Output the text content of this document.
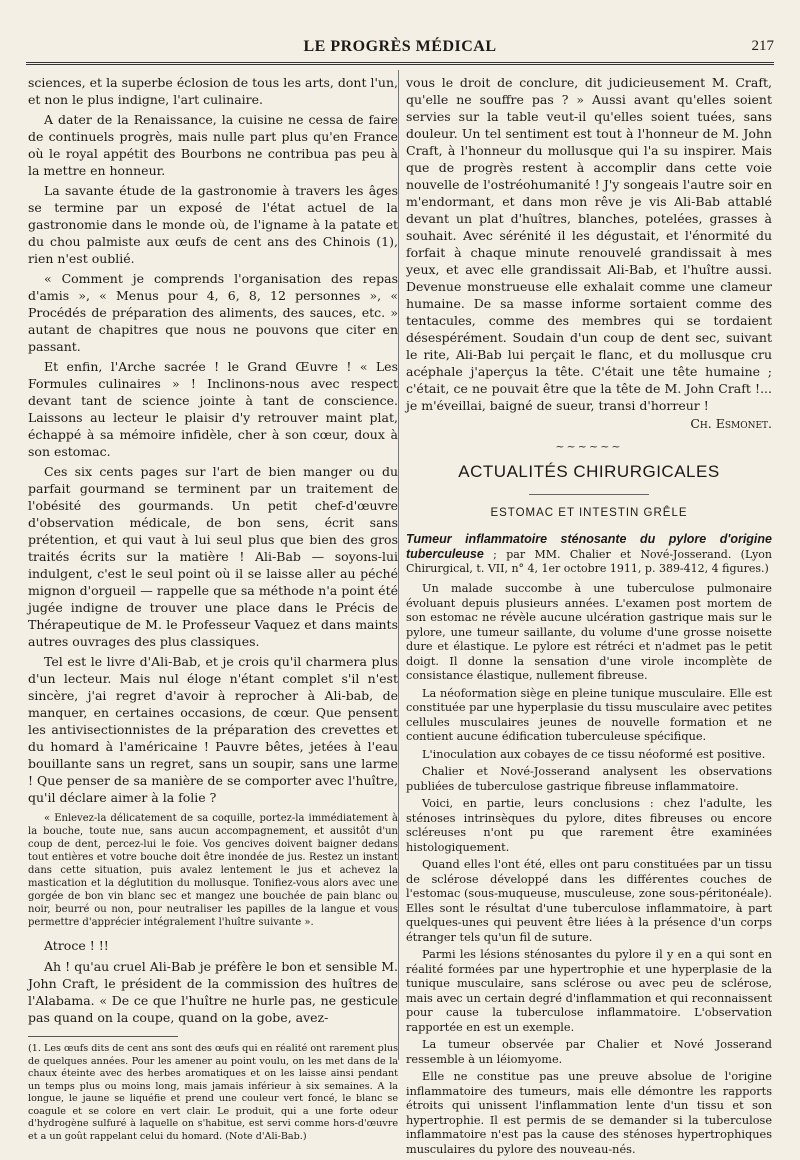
LE PROGRÈS MÉDICAL	217

sciences, et la superbe éclosion de tous les arts, dont l'un, et non le plus indigne, l'art culinaire.

A dater de la Renaissance, la cuisine ne cessa de faire de continuels progrès, mais nulle part plus qu'en France où le royal appétit des Bourbons ne contribua pas peu à la mettre en honneur.

La savante étude de la gastronomie à travers les âges se termine par un exposé de l'état actuel de la gastronomie dans le monde où, de l'igname à la patate et du chou palmiste aux œufs de cent ans des Chinois (1), rien n'est oublié.

« Comment je comprends l'organisation des repas d'amis », « Menus pour 4, 6, 8, 12 personnes », « Procédés de préparation des aliments, des sauces, etc. » autant de chapitres que nous ne pouvons que citer en passant.

Et enfin, l'Arche sacrée ! le Grand Œuvre ! « Les Formules culinaires » ! Inclinons-nous avec respect devant tant de science jointe à tant de conscience. Laissons au lecteur le plaisir d'y retrouver maint plat, échappé à sa mémoire infidèle, cher à son cœur, doux à son estomac.

Ces six cents pages sur l'art de bien manger ou du parfait gourmand se terminent par un traitement de l'obésité des gourmands. Un petit chef-d'œuvre d'observation médicale, de bon sens, écrit sans prétention, et qui vaut à lui seul plus que bien des gros traités écrits sur la matière ! Ali-Bab — soyons-lui indulgent, c'est le seul point où il se laisse aller au péché mignon d'orgueil — rappelle que sa méthode n'a point été jugée indigne de trouver une place dans le Précis de Thérapeutique de M. le Professeur Vaquez et dans maints autres ouvrages des plus classiques.

Tel est le livre d'Ali-Bab, et je crois qu'il charmera plus d'un lecteur. Mais nul éloge n'étant complet s'il n'est sincère, j'ai regret d'avoir à reprocher à Ali-bab, de manquer, en certaines occasions, de cœur. Que pensent les antivisectionnistes de la préparation des crevettes et du homard à l'américaine ! Pauvre bêtes, jetées à l'eau bouillante sans un regret, sans un soupir, sans une larme ! Que penser de sa manière de se comporter avec l'huître, qu'il déclare aimer à la folie ?

« Enlevez-la délicatement de sa coquille, portez-la immédiatement à la bouche, toute nue, sans aucun accompagnement, et aussitôt d'un coup de dent, percez-lui le foie. Vos gencives doivent baigner dedans tout entières et votre bouche doit être inondée de jus. Restez un instant dans cette situation, puis avalez lentement le jus et achevez la mastication et la déglutition du mollusque. Tonifiez-vous alors avec une gorgée de bon vin blanc sec et mangez une bouchée de pain blanc ou noir, beurré ou non, pour neutraliser les papilles de la langue et vous permettre d'apprécier intégralement l'huître suivante ».

Atroce ! !!

Ah ! qu'au cruel Ali-Bab je préfère le bon et sensible M. John Craft, le président de la commission des huîtres de l'Alabama. « De ce que l'huître ne hurle pas, ne gesticule pas quand on la coupe, quand on la gobe, avez-

(1. Les œufs dits de cent ans sont des œufs qui en réalité ont rarement plus de quelques années. Pour les amener au point voulu, on les met dans de la chaux éteinte avec des herbes aromatiques et on les laisse ainsi pendant un temps plus ou moins long, mais jamais inférieur à six semaines. A la longue, le jaune se liquéfie et prend une couleur vert foncé, le blanc se coagule et se colore en vert clair. Le produit, qui a une forte odeur d'hydrogène sulfuré à laquelle on s'habitue, est servi comme hors-d'œuvre et a un goût rappelant celui du homard. (Note d'Ali-Bab.)

vous le droit de conclure, dit judicieusement M. Craft, qu'elle ne souffre pas ? » Aussi avant qu'elles soient servies sur la table veut-il qu'elles soient tuées, sans douleur. Un tel sentiment est tout à l'honneur de M. John Craft, à l'honneur du mollusque qui l'a su inspirer. Mais que de progrès restent à accomplir dans cette voie nouvelle de l'ostréohumanité ! J'y songeais l'autre soir en m'endormant, et dans mon rêve je vis Ali-Bab attablé devant un plat d'huîtres, blanches, potelées, grasses à souhait. Avec sérénité il les dégustait, et l'énormité du forfait à chaque minute renouvelé grandissait à mes yeux, et avec elle grandissait Ali-Bab, et l'huître aussi. Devenue monstrueuse elle exhalait comme une clameur humaine. De sa masse informe sortaient comme des tentacules, comme des membres qui se tordaient désespérément. Soudain d'un coup de dent sec, suivant le rite, Ali-Bab lui perçait le flanc, et du mollusque cru acéphale j'aperçus la tête. C'était une tête humaine ; c'était, ce ne pouvait être que la tête de M. John Craft !... je m'éveillai, baigné de sueur, transi d'horreur !

Ch. Esmonet.

~~~~~~
ACTUALITÉS CHIRURGICALES
ESTOMAC ET INTESTIN GRÊLE
Tumeur inflammatoire sténosante du pylore d'origine tuberculeuse ; par MM. Chalier et Nové-Josserand. (Lyon Chirurgical, t. VII, n° 4, 1er octobre 1911, p. 389-412, 4 figures.)

Un malade succombe à une tuberculose pulmonaire évoluant depuis plusieurs années. L'examen post mortem de son estomac ne révèle aucune ulcération gastrique mais sur le pylore, une tumeur saillante, du volume d'une grosse noisette dure et élastique. Le pylore est rétréci et n'admet pas le petit doigt. Il donne la sensation d'une virole incomplète de consistance élastique, nullement fibreuse.

La néoformation siège en pleine tunique musculaire. Elle est constituée par une hyperplasie du tissu musculaire avec petites cellules musculaires jeunes de nouvelle formation et ne contient aucune édification tuberculeuse spécifique.

L'inoculation aux cobayes de ce tissu néoformé est positive.

Chalier et Nové-Josserand analysent les observations publiées de tuberculose gastrique fibreuse inflammatoire.

Voici, en partie, leurs conclusions : chez l'adulte, les sténoses intrinsèques du pylore, dites fibreuses ou encore scléreuses n'ont pu que rarement être examinées histologiquement.

Quand elles l'ont été, elles ont paru constituées par un tissu de sclérose développé dans les différentes couches de l'estomac (sous-muqueuse, musculeuse, zone sous-péritonéale). Elles sont le résultat d'une tuberculose inflammatoire, à part quelques-unes qui peuvent être liées à la présence d'un corps étranger tels qu'un fil de suture.

Parmi les lésions sténosantes du pylore il y en a qui sont en réalité formées par une hypertrophie et une hyperplasie de la tunique musculaire, sans sclérose ou avec peu de sclérose, mais avec un certain degré d'inflammation et qui reconnaissent pour cause la tuberculose inflammatoire. L'observation rapportée en est un exemple.

La tumeur observée par Chalier et Nové Josserand ressemble à un léiomyome.

Elle ne constitue pas une preuve absolue de l'origine inflammatoire des tumeurs, mais elle démontre les rapports étroits qui unissent l'inflammation lente d'un tissu et son hypertrophie. Il est permis de se demander si la tuberculose inflammatoire n'est pas la cause des sténoses hypertrophiques musculaires du pylore des nouveau-nés.
